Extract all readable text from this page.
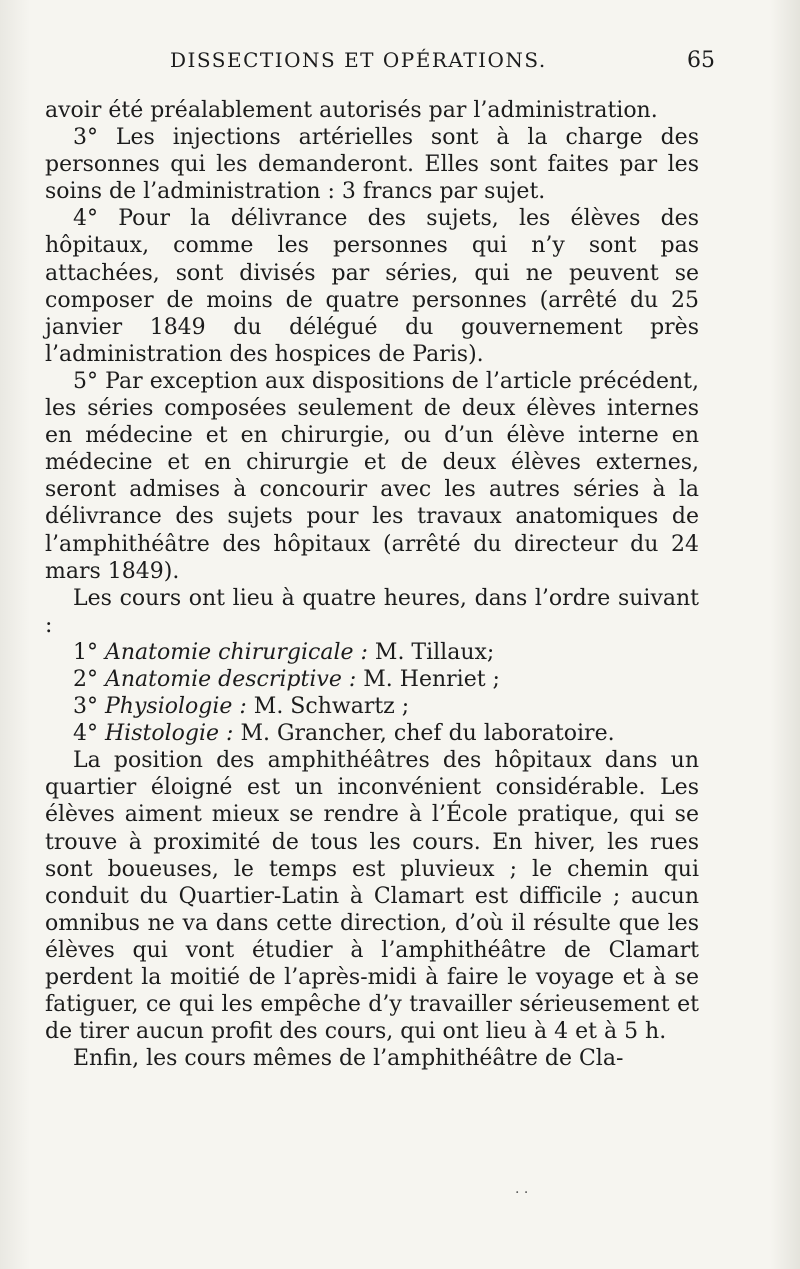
DISSECTIONS ET OPÉRATIONS.	65

avoir été préalablement autorisés par l’administration.

3° Les injections artérielles sont à la charge des personnes qui les demanderont. Elles sont faites par les soins de l’administration : 3 francs par sujet.

4° Pour la délivrance des sujets, les élèves des hôpitaux, comme les personnes qui n’y sont pas attachées, sont divisés par séries, qui ne peuvent se composer de moins de quatre personnes (arrêté du 25 janvier 1849 du délégué du gouvernement près l’administration des hospices de Paris).

5° Par exception aux dispositions de l’article précédent, les séries composées seulement de deux élèves internes en médecine et en chirurgie, ou d’un élève interne en médecine et en chirurgie et de deux élèves externes, seront admises à concourir avec les autres séries à la délivrance des sujets pour les travaux anatomiques de l’amphithéâtre des hôpitaux (arrêté du directeur du 24 mars 1849).

Les cours ont lieu à quatre heures, dans l’ordre suivant :

1° Anatomie chirurgicale : M. Tillaux;

2° Anatomie descriptive : M. Henriet ;

3° Physiologie : M. Schwartz ;

4° Histologie : M. Grancher, chef du laboratoire.

La position des amphithéâtres des hôpitaux dans un quartier éloigné est un inconvénient considérable. Les élèves aiment mieux se rendre à l’École pratique, qui se trouve à proximité de tous les cours. En hiver, les rues sont boueuses, le temps est pluvieux ; le chemin qui conduit du Quartier-Latin à Clamart est difficile ; aucun omnibus ne va dans cette direction, d’où il résulte que les élèves qui vont étudier à l’amphithéâtre de Clamart perdent la moitié de l’après-midi à faire le voyage et à se fatiguer, ce qui les empêche d’y travailler sérieusement et de tirer aucun profit des cours, qui ont lieu à 4 et à 5 h.

Enfin, les cours mêmes de l’amphithéâtre de Cla-

· ·
